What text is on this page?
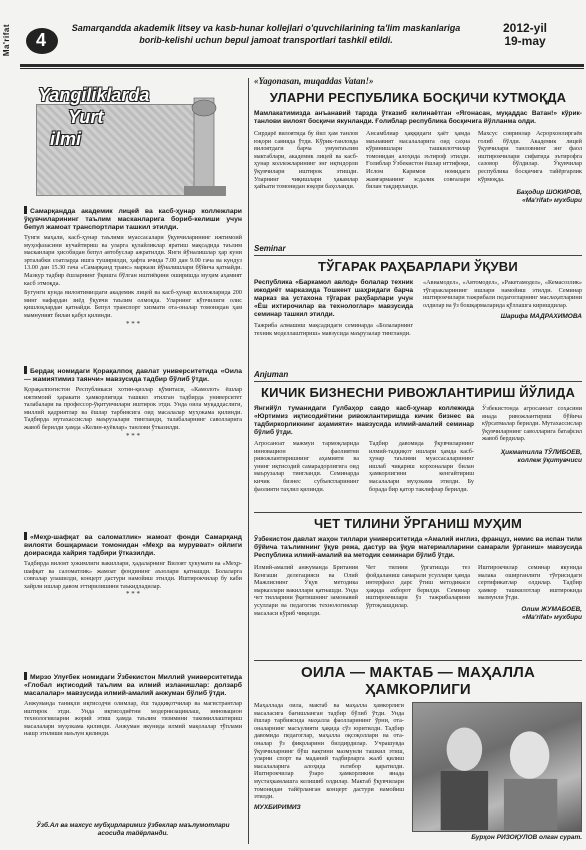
Ma'rifat 4
Samarqandda akademik litsey va kasb-hunar kollejlari o'quvchilarining ta'lim maskanlariga borib-kelishi uchun bepul jamoat transportlari tashkil etildi.
2012-yil
19-may
Yangiliklarda
Yurt
ilmi
Самарқандда академик лицей ва касб-ҳунар коллежлари ўқувчиларининг таълим масканларига бориб-келиши учун бепул жамоат транспортлари ташкил этилди.
Тунги маҳали, касб-ҳунар таълими муассасалари ўқувчиларининг ижтимоий муҳофазасини кучайтириш ва уларга қулайликлар яратиш мақсадида таълим масканлари ҳисобидан бепул автобуслар ажратилди. Янги йўналишлар ҳар куни эрталабки соатларда ишга туширилди, ҳафта ичида 7.00 дан 9.00 гача ва кундуз 13.00 дан 15.30 гача «Самарқанд транс» маркази йўналишлари бўйича қатнайди. Мазкур тадбир ёшларнинг ўқишга бўлган иштиёқини оширишда муҳим аҳамият касб этмоқда.
Бугунги кунда вилоятимиздаги академик лицей ва касб-ҳунар коллежларида 200 минг нафардан зиёд ўқувчи таълим олмоқда. Уларнинг кўпчилиги олис қишлоқлардан қатнайди. Бепул транспорт хизмати ота-оналар томонидан ҳам мамнуният билан қабул қилинди.
* * *
Бердақ номидаги Қорақалпоқ давлат университетида «Оила — жамиятимиз таянчи» мавзусида тадбир бўлиб ўтди.
Қорақалпоғистон Республикаси хотин-қизлар қўмитаси, «Камолот» ёшлар ижтимоий ҳаракати ҳамкорлигида ташкил этилган тадбирда университет талабалари ва профессор-ўқитувчилари иштирок этди. Унда оила муқаддаслиги, миллий қадриятлар ва ёшлар тарбиясига оид масалалар муҳокама қилинди. Тадбирда мутахассислар маърузалари тингланди, талабаларнинг саволларига жавоб берилди ҳамда «Келин-куёвлар» танлови ўтказилди.
* * *
«Меҳр-шафқат ва саломатлик» жамоат фонди Самарқанд вилояти бошқармаси томонидан «Меҳр ва мурувват» ойлиги доирасида хайрия тадбири ўтказилди.
Тадбирда вилоят ҳокимлиги вакиллари, ҳадаларнинг Вилоят ҳукумати ва «Меҳр-шафқат ва саломатлик» жамоат фондининг аъзолари қатнашди. Болаларга совғалар улашилди, концерт дастури намойиш этилди. Иштирокчилар бу каби хайрли ишлар давом эттирилишини таъкидладилар.
* * *
Мирзо Улуғбек номидаги Ўзбекистон Миллий университетида «Глобал иқтисодий таълим ва илмий изланишлар: долзарб масалалар» мавзусида илмий-амалий анжуман бўлиб ўтди.
Анжуманда таниқли иқтисодчи олимлар, ёш тадқиқотчилар ва магистрантлар иштирок этди. Унда иқтисодиётни модернизациялаш, инновацион технологияларни жорий этиш ҳамда таълим тизимини такомиллаштириш масалалари муҳокама қилинди. Анжуман якунида илмий мақолалар тўплами нашр этилиши маълум қилинди.
Ўзб.Ал ва махсус мубҳирларимиз ўзбеклар маълумотлари асосида тайёрланди.
«Yagonasan, muqaddas Vatan!»
УЛАРНИ РЕСПУБЛИКА БОСҚИЧИ КУТМОҚДА
Мамлакатимизда анъанавий тарзда ўтказиб келинаётган «Ягонасан, муқаддас Ватан!» кўрик-танлови вилоят босқичи якунланди. Ғолиблар республика босқичига йўлланма олди.
Сирдарё вилоятида бу йил ҳам танлов юқори савияда ўтди. Кўрик-танловда вилоятдаги барча умумтаълим мактаблари, академик лицей ва касб-ҳунар коллежларининг энг иқтидорли ўқувчилари иштирок этишди. Уларнинг чиқишлари ҳакамлар ҳайъати томонидан юқори баҳоланди.
Ансамблиар ҳаққидаги ҳаёт ҳамда маънавият масалаларига оид саҳна кўринишлари ташкилотчилар томонидан алоҳида эътироф этилди. Ғолиблар Ўзбекистон ёшлар иттифоқи, Ислом Каримов номидаги жамғарманинг эсдалик совғалари билан тақдирланди.
Махсус совринлар Асрорхонлиргаёв голиб бўлди. Академик лицей ўқувчилари танловнинг энг фаол иштирокчилари сифатида эътирофга сазовор бўлдилар. Ўқувчилар республика босқичига тайёргарлик кўрмоқда.
Баҳодир ШОКИРОВ,
«Ma'rifat» мухбири
Seminar
ТЎГАРАК РАҲБАРЛАРИ ЎҚУВИ
Республика «Баркамол авлод» болалар техник ижодиёт марказида Тошкент шаҳридаги барча марказ ва устахона тўгарак раҳбарлари учун «Ёш ихтирочилар ва технологлар» мавзусида семинар ташкил этилди.
Тажриба алмашиш мақсадидаги семинарда «Болаларнинг техник моделлаштириш» мавзусида маърузалар тингланди.
«Авиамодел», «Автомодел», «Ракетамодел», «Кемасозлик» тўгаракларининг ишлари намойиш этилди. Семинар иштирокчилари тажрибали педагогларнинг маслаҳатларини олдилар ва ўз бошқармаларида қўллашга киришдилар.
Шарифа МАДРАХИМОВА
Anjuman
КИЧИК БИЗНЕСНИ РИВОЖЛАНТИРИШ ЙЎЛИДА
Янгийўл туманидаги Гулбаҳор савдо касб-ҳунар коллежида «Юртимиз иқтисодиётини ривожлантиришда кичик бизнес ва тадбиркорликнинг аҳамияти» мавзусида илмий-амалий семинар бўлиб ўтди.
Агросаноат мажмуи тармоқларида инновацион фаолиятни ривожлантиришнинг аҳамияти ва унинг иқтисодий самарадорлигига оид маърузалар тингланди. Семинарда кичик бизнес субъектларининг фаолияти таҳлил қилинди.
Тадбир давомида ўқувчиларнинг илмий-тадқиқот ишлари ҳамда касб-ҳунар таълими муассасаларининг ишлаб чиқариш корхоналари билан ҳамкорлигини кенгайтириш масалалари муҳокама этилди. Бу борада бир қатор таклифлар берилди.
Ўзбекистонда агросаноат соҳасини янада ривожлантириш бўйича кўрсатмалар берилди. Мутахассислар ўқувчиларнинг саволларига батафсил жавоб бердилар.
Ҳикматилла ТЎЛИБОЕВ,
коллеж ўқитувчиси
ЧЕТ ТИЛИНИ ЎРГАНИШ МУҲИМ
Ўзбекистон давлат жаҳон тиллари университетида «Амалий инглиз, француз, немис ва испан тили бўйича таълимнинг ўқув режа, дастур ва ўқув материалларини самарали ўрганиш» мавзусида Республика илмий-амалий ва методик семинари бўлиб ўтди.
Илмий-амалий анжуманда Британия Кенгаши делегацияси ва Олий Мажлиснинг Ўқув методика марказлари вакиллари қатнашди. Унда чет тилларини ўқитишнинг замонавий усуллари ва педагогик технологиялар масаласи кўриб чиқилди.
Чет тилини ўргатишда тез фойдаланиш самарали усуллари ҳамда интерфаол дарс ўтиш методикаси ҳақида ахборот берилди. Семинар иштирокчилари ўз тажрибаларини ўртоқлашдилар.
Иштирокчилар семинар якунида малака оширганлиги тўғрисидаги сертификатлар олдилар. Тадбир ҳамкор ташкилотлар иштирокида мазмунли ўтди.
Олим ЖУМАБОЕВ,
«Ma'rifat» мухбири
ОИЛА — МАКТАБ — МАҲАЛЛА
ҲАМКОРЛИГИ
Маҳаллада оила, мактаб ва маҳалла ҳамкорлиги масаласига бағишланган тадбир бўлиб ўтди. Унда ёшлар тарбиясида маҳалла фаолларининг ўрни, ота-оналарнинг масъулияти ҳақида сўз юритилди. Тадбир давомида педагоглар, маҳалла оқсоқоллари ва ота-оналар ўз фикрларини билдирдилар. Учрашувда ўқувчиларнинг бўш вақтини мазмунли ташкил этиш, уларни спорт ва маданий тадбирларга жалб қилиш масалаларига алоҳида эътибор қаратилди. Иштирокчилар ўзаро ҳамкорликни янада мустаҳкамлашга келишиб олдилар. Мактаб ўқувчилари томонидан тайёрланган концерт дастури намойиш этилди.
МУХБИРИМИЗ
Бурҳон РИЗОҚУЛОВ олган сурат.
